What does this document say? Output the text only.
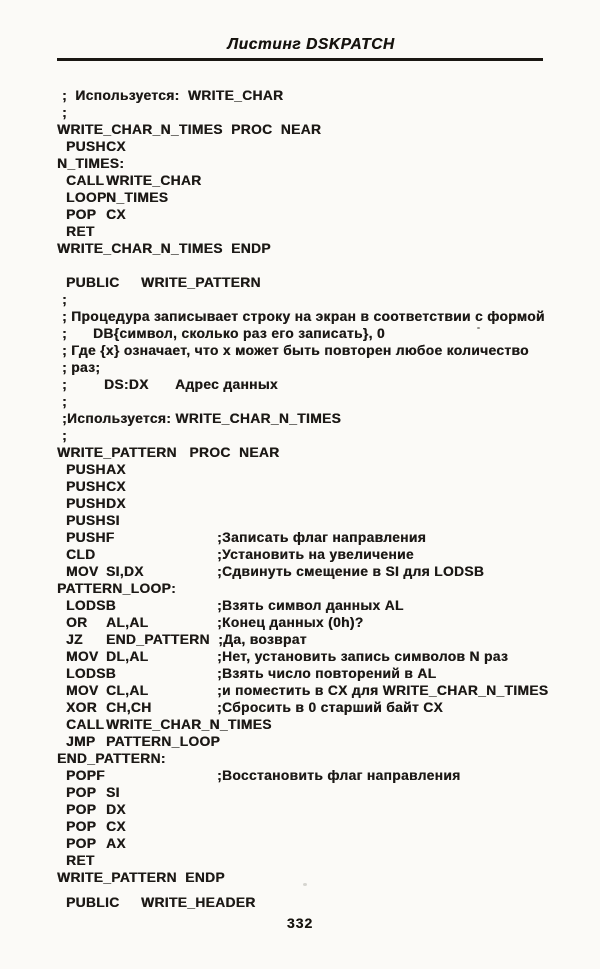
Листинг DSKPATCH
;  Используется:  WRITE_CHAR
;
WRITE_CHAR_N_TIMES  PROC  NEAR
PUSH CX
N_TIMES:
CALL WRITE_CHAR
LOOP N_TIMES
POP CX
RET
WRITE_CHAR_N_TIMES  ENDP
PUBLIC WRITE_PATTERN
;
; Процедура записывает строку на экран в соответствии с формой
; DB{символ, сколько раз его записать}, 0
; Где {x} означает, что x может быть повторен любое количество
; раз;
;	DS:DX Адрес данных
;
;Используется: WRITE_CHAR_N_TIMES
;
WRITE_PATTERN   PROC  NEAR
PUSH AX
PUSH CX
PUSH DX
PUSH SI
PUSHF	;Записать флаг направления
CLD	;Установить на увеличение
MOV SI,DX	;Сдвинуть смещение в SI для LODSB
PATTERN_LOOP:
LODSB	;Взять символ данных AL
OR AL,AL	;Конец данных (0h)?
JZ END_PATTERN  ;Да, возврат
MOV DL,AL	;Нет, установить запись символов N раз
LODSB	;Взять число повторений в AL
MOV CL,AL	;и поместить в CX для WRITE_CHAR_N_TIMES
XOR CH,CH	;Сбросить в 0 старший байт CX
CALL WRITE_CHAR_N_TIMES
JMP PATTERN_LOOP
END_PATTERN:
POPF	;Восстановить флаг направления
POP SI
POP DX
POP CX
POP AX
RET
WRITE_PATTERN  ENDP
PUBLIC WRITE_HEADER
332
